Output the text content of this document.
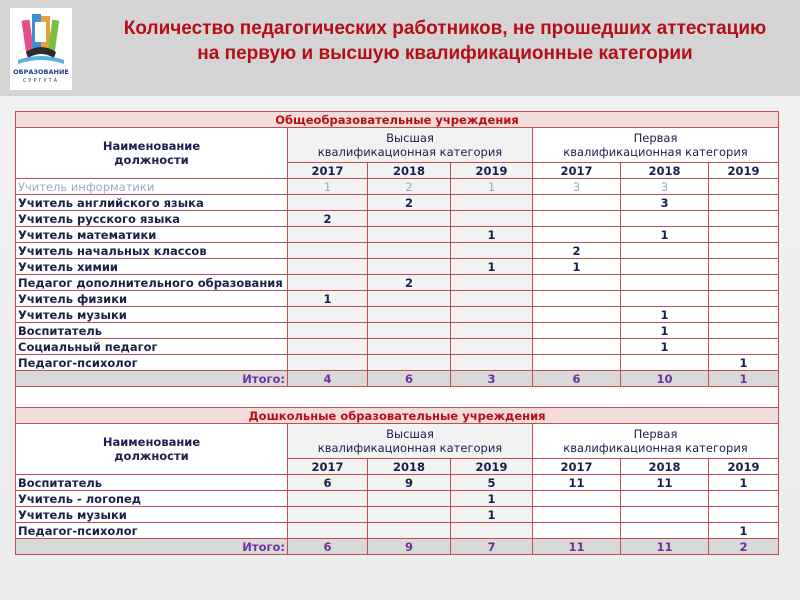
ОБРАЗОВАНИЕ
СУРГУТА
Количество педагогических работников, не прошедших аттестацию
на первую и высшую квалификационные категории
Общеобразовательные учреждения						

Наименование
должности

Высшая
квалификационная категория

Первая
квалификационная категория

	2017	2018	2019	2017	2018	2019
Учитель информатики	1	2	1	3	3	
Учитель английского языка		2			3	
Учитель русского языка	2					
Учитель математики			1		1	
Учитель начальных классов				2		
Учитель химии			1	1		
Педагог дополнительного образования		2				
Учитель физики	1					
Учитель музыки					1	
Воспитатель					1	
Социальный педагог					1	
Педагог-психолог						1
Итого:	4	6	3	6	10	1

Дошкольные образовательные учреждения						

Наименование
должности

Высшая
квалификационная категория

Первая
квалификационная категория

	2017	2018	2019	2017	2018	2019
Воспитатель	6	9	5	11	11	1
Учитель - логопед			1			
Учитель музыки			1			
Педагог-психолог						1
Итого:	6	9	7	11	11	2
